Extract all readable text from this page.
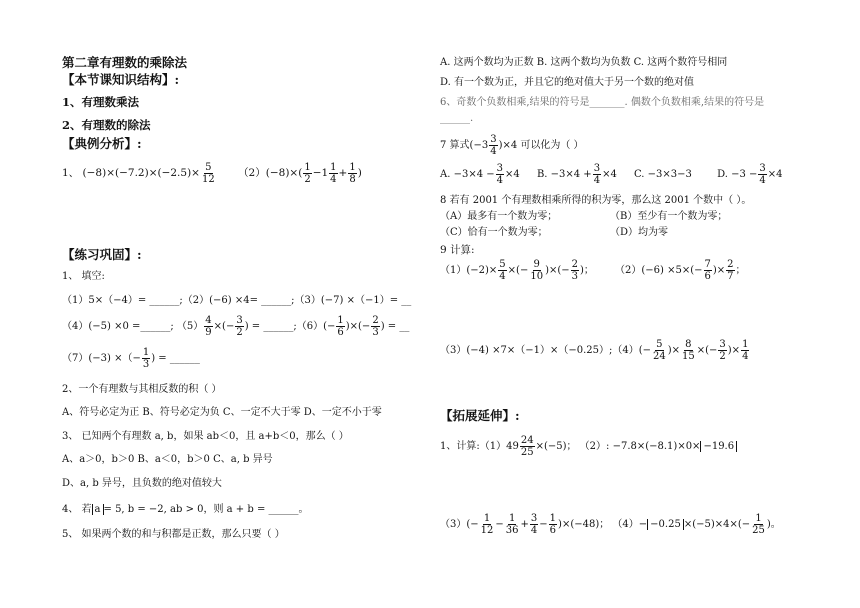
第二章有理数的乘除法
【本节课知识结构】:
1、有理数乘法
2、有理数的除法
【典例分析】:
1、 $(-8)\times(-7.2)\times(-2.5)\times \frac{5}{12} (2)(-8)\times( \frac{1}{2} -1 \frac{1}{4} + \frac{1}{8}$ )
【练习巩固】:
1、 填空:
（1）5×（−4）= ______;（2）(−6) ×4= ______;（3）(−7) ×（−1）= __
（4）(−5) ×0 =______; $(5) \frac{4}{9}$ ×(− $\frac{3}{2}$ ) = ______;（6）(− $\frac{1}{6}$ )×(− $\frac{2}{3}$ ) = __
（7）(−3) ×（− $\frac{1}{3}$ ) = ______
2、一个有理数与其相反数的积（ ）
A、符号必定为正 B、符号必定为负 C、一定不大于零 D、一定不小于零
3、 已知两个有理数 a, b，如果 ab＜0，且 a+b＜0，那么（ ）
A、a＞0，b＞0 B、a＜0，b＞0 C、a, b 异号
D、a, b 异号，且负数的绝对值较大
4、 若 a = 5, b = −2, ab > 0，则 a + b = ______。
5、 如果两个数的和与积都是正数，那么只要（ ）
A. 这两个数均为正数 B. 这两个数均为负数 C. 这两个数符号相同
D. 有一个数为正，并且它的绝对值大于另一个数的绝对值
6、奇数个负数相乘,结果的符号是_______. 偶数个负数相乘,结果的符号是
______.
7 算式$(-3 \frac{3}{4} )\times 4$ 可以化为（ ）
A. $-3\times 4 - \frac{3}{4} \times 4$ B. $-3\times 4 + \frac{3}{4} \times 4$ C. −3×3−3	D. $-3 - \frac{3}{4} \times 4$
8 若有 2001 个有理数相乘所得的积为零，那么这 2001 个数中（ ）。
（A）最多有一个数为零；	（B）至少有一个数为零；
（C）恰有一个数为零；	（D）均为零
9 计算:
$(1)(-2)\times \frac{5}{4}$ ×(− $\frac{9}{10}$ )×(− $\frac{2}{3}$ )； $(2)(-6) \times 5\times(- \frac{7}{6}$ )× $\frac{2}{7}$ ；
（3）(−4) ×7×（−1）×（−0.25）;（4）(− $\frac{5}{24}$ )× $\frac{8}{15}$ ×(− $\frac{3}{2}$ )× $\frac{1}{4}$
【拓展延伸】:
1、计算:（1）49 $\frac{24}{25} \times(-5)$； （2）: −7.8×(−8.1)×0× −19.6
$(3)(- \frac{1}{12} - \frac{1}{36} + \frac{3}{4} - \frac{1}{6} )\times(-48)$； $(4)- -0.25 \times(-5)\times 4\times(- \frac{1}{25}$ )。
